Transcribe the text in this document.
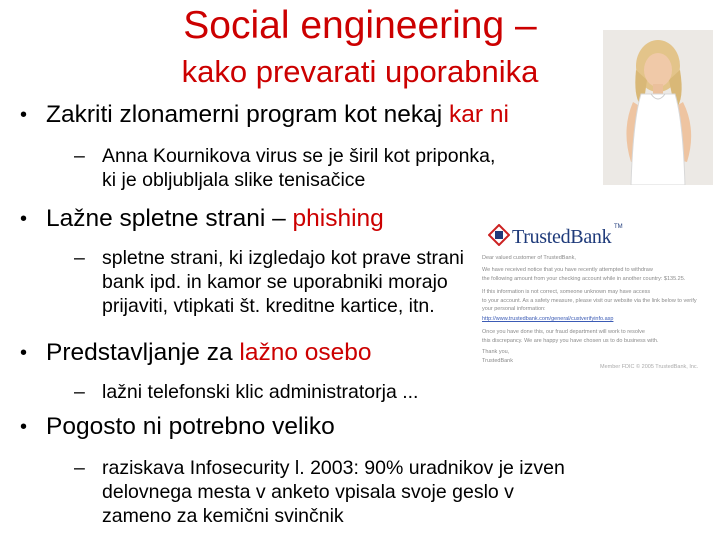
Social engineering –
kako prevarati uporabnika
• Zakriti zlonamerni program kot nekaj kar ni
– Anna Kournikova virus se je širil kot priponka,
ki je obljubljala slike tenisačice
• Lažne spletne strani – phishing
– spletne strani, ki izgledajo kot prave strani
bank ipd. in kamor se uporabniki morajo
prijaviti, vtipkati št. kreditne kartice, itn.
• Predstavljanje za lažno osebo
– lažni telefonski klic administratorja ...
• Pogosto ni potrebno veliko
– raziskava Infosecurity l. 2003: 90% uradnikov je izven
delovnega mesta v anketo vpisala svoje geslo v
zameno za kemični svinčnik
TrustedBank TM
Dear valued customer of TrustedBank,
We have received notice that you have recently attempted to withdraw
the following amount from your checking account while in another country: $135.25.
If this information is not correct, someone unknown may have access
to your account. As a safety measure, please visit our website via the link below to verify
your personal information:
http://www.trustedbank.com/general/custverifyinfo.asp
Once you have done this, our fraud department will work to resolve
this discrepancy. We are happy you have chosen us to do business with.
Thank you,
TrustedBank
Member FDIC © 2005 TrustedBank, Inc.
